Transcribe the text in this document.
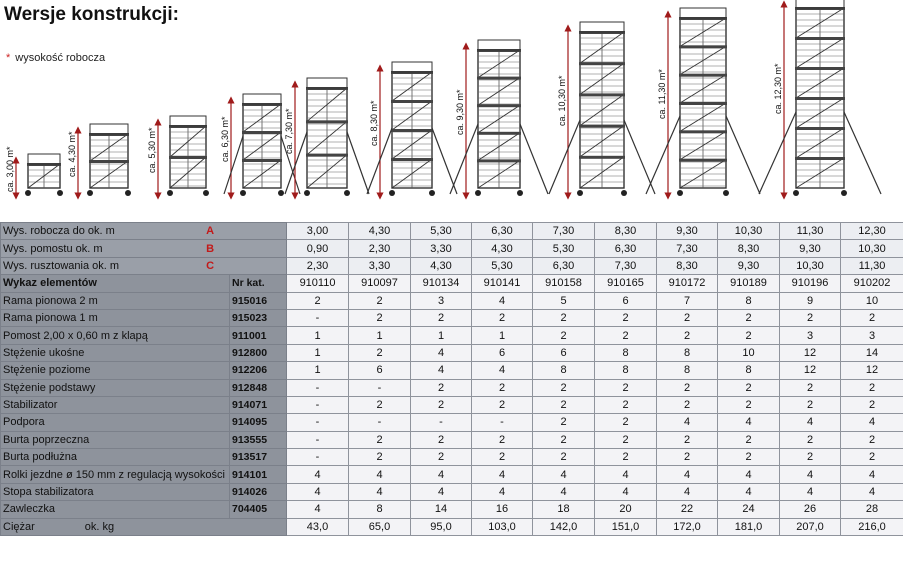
Wersje konstrukcji:
* wysokość robocza
ca. 3,00 m*	ca. 4,30 m*	ca. 5,30 m*	ca. 6,30 m*	ca. 7,30 m*	ca. 8,30 m*	ca. 9,30 m*	ca. 10,30 m*	ca. 11,30 m*	ca. 12,30 m*
Wys. robocza do ok. m A		3,00	4,30	5,30	6,30	7,30	8,30	9,30	10,30	11,30	12,30
Wys. pomostu ok. m B		0,90	2,30	3,30	4,30	5,30	6,30	7,30	8,30	9,30	10,30
Wys. rusztowania ok. m C		2,30	3,30	4,30	5,30	6,30	7,30	8,30	9,30	10,30	11,30
Wykaz elementów	Nr kat.	910110	910097	910134	910141	910158	910165	910172	910189	910196	910202
Rama pionowa 2 m	915016	2	2	3	4	5	6	7	8	9	10
Rama pionowa 1 m	915023	-	2	2	2	2	2	2	2	2	2
Pomost 2,00 x 0,60 m z klapą	911001	1	1	1	1	2	2	2	2	3	3
Stężenie ukośne	912800	1	2	4	6	6	8	8	10	12	14
Stężenie poziome	912206	1	6	4	4	8	8	8	8	12	12
Stężenie podstawy	912848	-	-	2	2	2	2	2	2	2	2
Stabilizator	914071	-	2	2	2	2	2	2	2	2	2
Podpora	914095	-	-	-	-	2	2	4	4	4	4
Burta poprzeczna	913555	-	2	2	2	2	2	2	2	2	2
Burta podłużna	913517	-	2	2	2	2	2	2	2	2	2
Rolki jezdne ø 150 mm z regulacją wysokości	914101	4	4	4	4	4	4	4	4	4	4
Stopa stabilizatora	914026	4	4	4	4	4	4	4	4	4	4
Zawleczka	704405	4	8	14	16	18	20	22	24	26	28
Ciężar ok. kg		43,0	65,0	95,0	103,0	142,0	151,0	172,0	181,0	207,0	216,0
